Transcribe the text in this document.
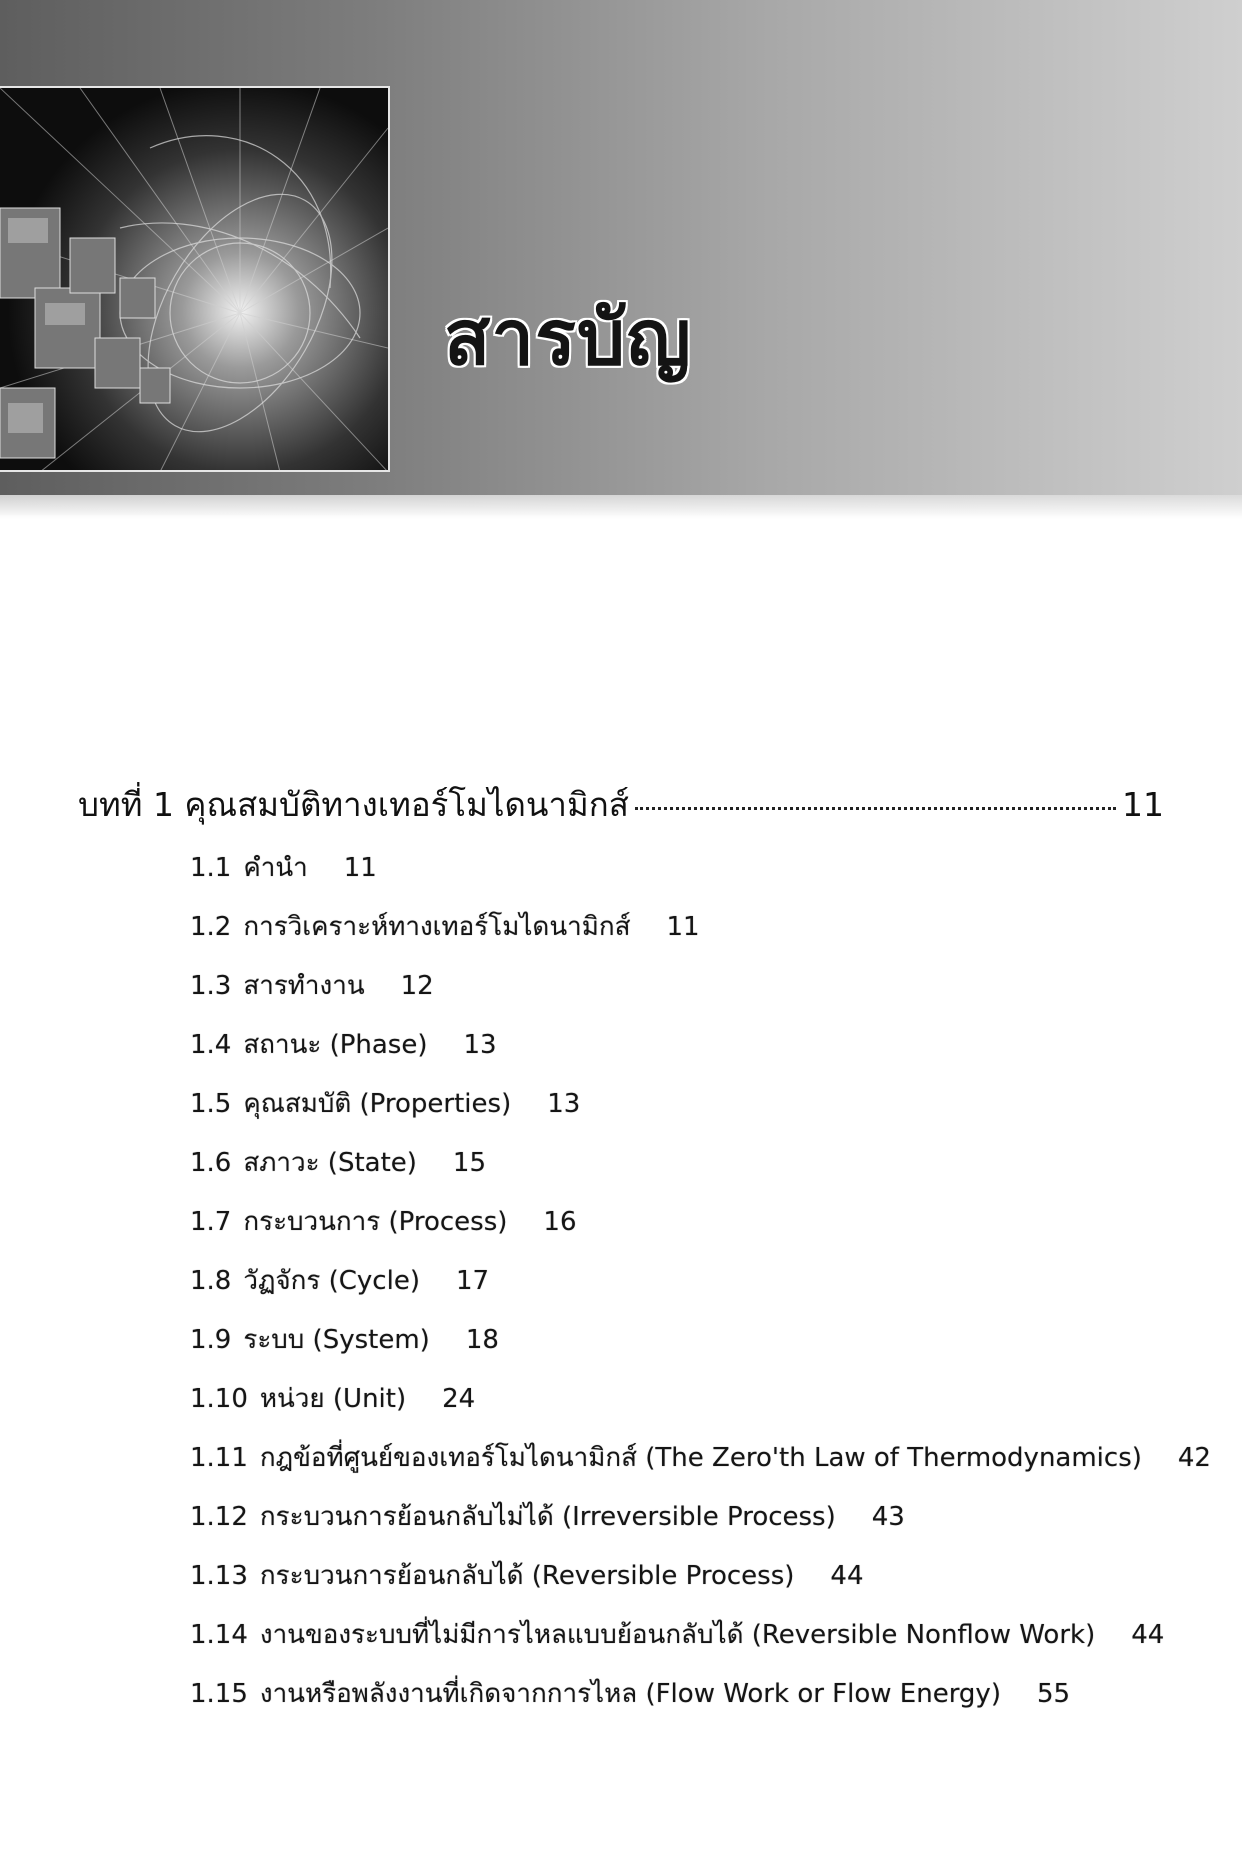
สารบัญ
บทที่ 1 คุณสมบัติทางเทอร์โมไดนามิกส์	11
1.1 คำนำ 11
1.2 การวิเคราะห์ทางเทอร์โมไดนามิกส์ 11
1.3 สารทำงาน 12
1.4 สถานะ (Phase) 13
1.5 คุณสมบัติ (Properties) 13
1.6 สภาวะ (State) 15
1.7 กระบวนการ (Process) 16
1.8 วัฏจักร (Cycle) 17
1.9 ระบบ (System) 18
1.10 หน่วย (Unit) 24
1.11 กฎข้อที่ศูนย์ของเทอร์โมไดนามิกส์ (The Zero'th Law of Thermodynamics) 42
1.12 กระบวนการย้อนกลับไม่ได้ (Irreversible Process) 43
1.13 กระบวนการย้อนกลับได้ (Reversible Process) 44
1.14 งานของระบบที่ไม่มีการไหลแบบย้อนกลับได้ (Reversible Nonflow Work) 44
1.15 งานหรือพลังงานที่เกิดจากการไหล (Flow Work or Flow Energy) 55
